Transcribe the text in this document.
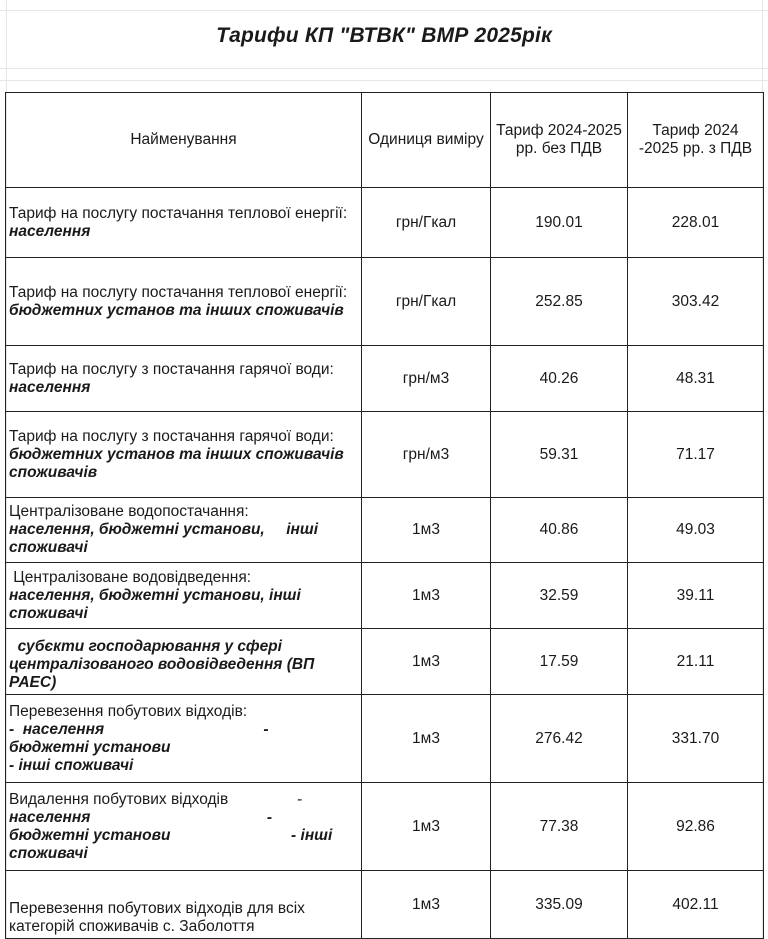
Тарифи КП "ВТВК" ВМР 2025рік
Найменування	Одиниця виміру	Тариф 2024-2025 рр. без ПДВ	Тариф 2024 -2025 рр. з ПДВ

Тариф на послугу постачання теплової енергії:
населення	грн/Гкал	190.01	228.01

Тариф на послугу постачання теплової енергії:
бюджетних установ та інших споживачів	грн/Гкал	252.85	303.42

Тариф на послугу з постачання гарячої води:
населення	грн/м3	40.26	48.31

Тариф на послугу з постачання гарячої води:
бюджетних установ та інших споживачів споживачів	грн/м3	59.31	71.17

Централізоване водопостачання:
населення, бюджетні установи,     інші споживачі	1м3	40.86	49.03

Централізоване водовідведення:
населення, бюджетні установи, інші споживачі	1м3	32.59	39.11

субєкти господарювання у сфері централізованого водовідведення (ВП РАЕС)	1м3	17.59	21.11

Перевезення побутових відходів:
-  населення                                     -
бюджетні установи
- інші споживачі	1м3	276.42	331.70

Видалення побутових відходів                -
населення                                         -
бюджетні установи                            - інші
споживачі	1м3	77.38	92.86

Перевезення побутових відходів для всіх категорій споживачів с. Заболоття	1м3	335.09	402.11
